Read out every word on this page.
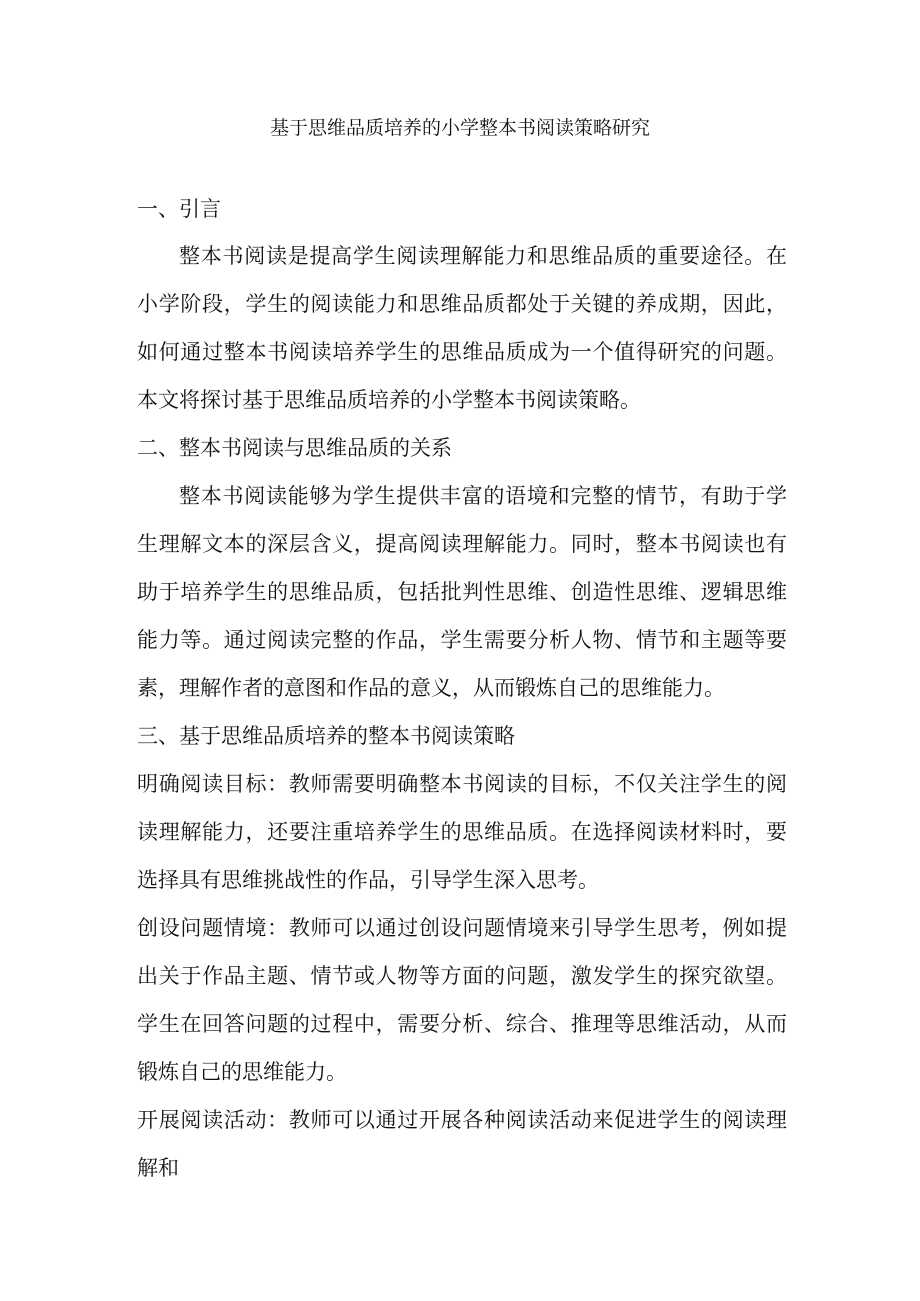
基于思维品质培养的小学整本书阅读策略研究

一、引言

整本书阅读是提高学生阅读理解能力和思维品质的重要途径。在小学阶段，学生的阅读能力和思维品质都处于关键的养成期，因此，如何通过整本书阅读培养学生的思维品质成为一个值得研究的问题。本文将探讨基于思维品质培养的小学整本书阅读策略。

二、整本书阅读与思维品质的关系

整本书阅读能够为学生提供丰富的语境和完整的情节，有助于学生理解文本的深层含义，提高阅读理解能力。同时，整本书阅读也有助于培养学生的思维品质，包括批判性思维、创造性思维、逻辑思维能力等。通过阅读完整的作品，学生需要分析人物、情节和主题等要素，理解作者的意图和作品的意义，从而锻炼自己的思维能力。

三、基于思维品质培养的整本书阅读策略

明确阅读目标：教师需要明确整本书阅读的目标，不仅关注学生的阅读理解能力，还要注重培养学生的思维品质。在选择阅读材料时，要选择具有思维挑战性的作品，引导学生深入思考。

创设问题情境：教师可以通过创设问题情境来引导学生思考，例如提出关于作品主题、情节或人物等方面的问题，激发学生的探究欲望。学生在回答问题的过程中，需要分析、综合、推理等思维活动，从而锻炼自己的思维能力。

开展阅读活动：教师可以通过开展各种阅读活动来促进学生的阅读理解和
